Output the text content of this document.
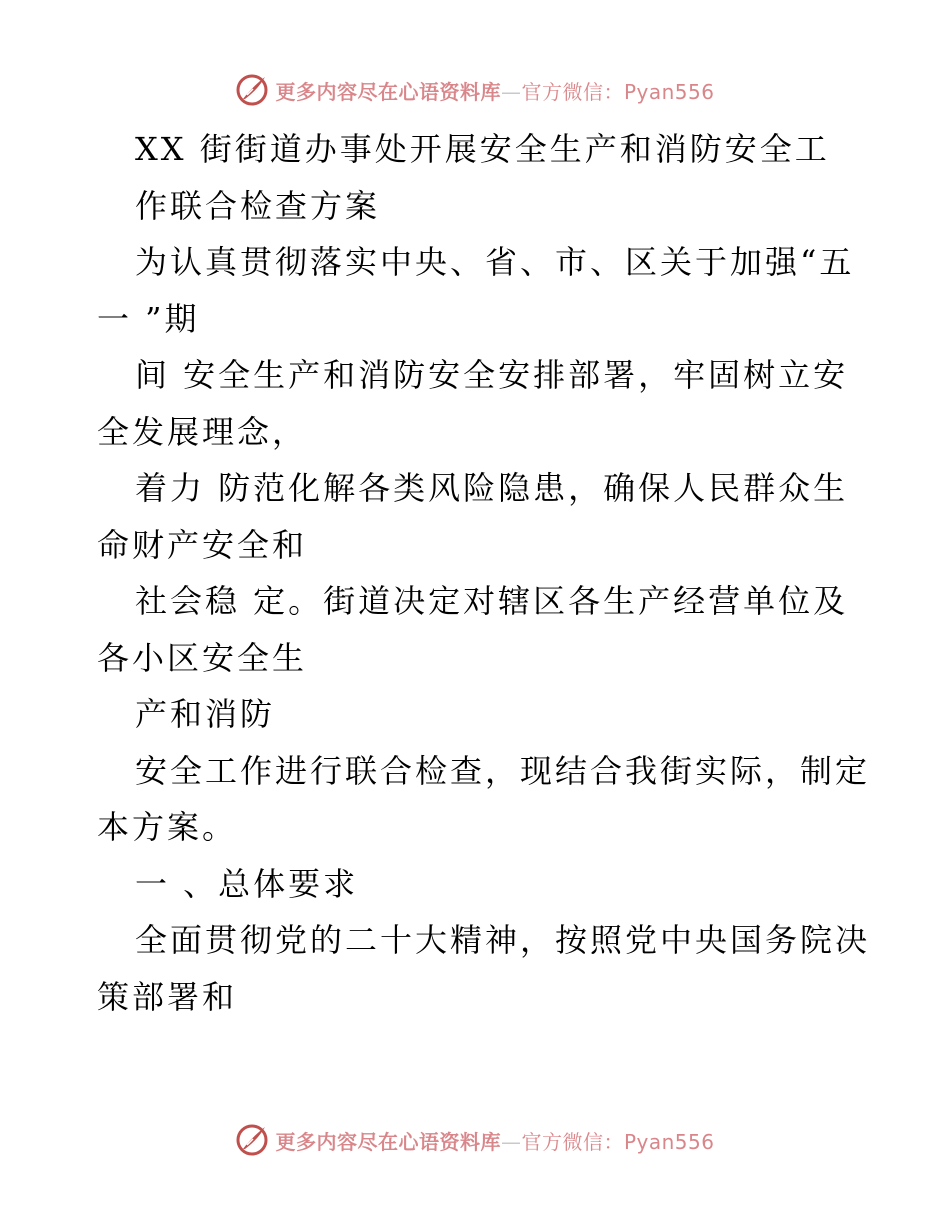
更多内容尽在心语资料库—官方微信：Pyan556
XX 街街道办事处开展安全生产和消防安全工
作联合检查方案
为认真贯彻落实中央、省、市、区关于加强“五
一 ”期
间 安全生产和消防安全安排部署，牢固树立安
全发展理念，
着力 防范化解各类风险隐患，确保人民群众生
命财产安全和
社会稳 定。街道决定对辖区各生产经营单位及
各小区安全生
产和消防
安全工作进行联合检查，现结合我街实际，制定
本方案。
一 、总体要求
全面贯彻党的二十大精神，按照党中央国务院决
策部署和
更多内容尽在心语资料库—官方微信：Pyan556
